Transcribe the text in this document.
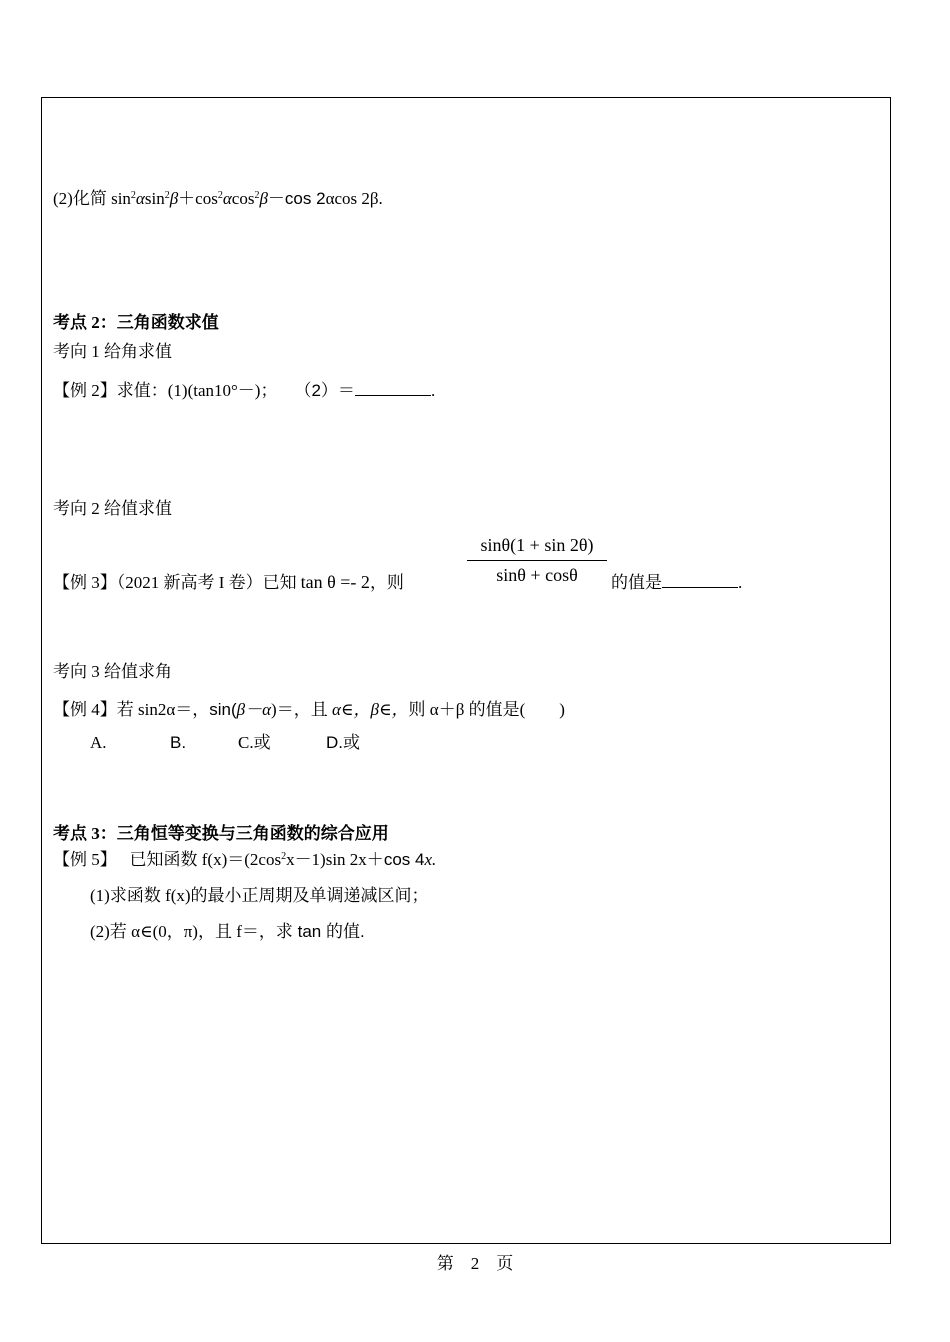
(2)化简 $\sin^2\alpha\sin^2\beta+\cos^2\alpha\cos^2\beta-\cos$ 2αcos 2β.
考点 2：三角函数求值
考向 1 给角求值
【例 2】求值：(1)(tan10°－)；　　 （2）＝	.
考向 2 给值求值
【例 3】（2021 新高考 I 卷）已知 tan θ =- 2，则	$\frac{\sin\theta(1 + \sin 2\theta)}{\sin\theta + \cos\theta}$ 的值是	.
考向 3 给值求角
【例 4】若 sin2α＝，sin(β－α)＝，且 α∈，β∈，则 α＋β 的值是(　　)
A.	B.	C.或	D.或
考点 3：三角恒等变换与三角函数的综合应用
【例 5】　 已知函数 $f(x)=(2\cos^2x-1)\sin$ 2x＋cos 4x.
(1)求函数 f(x)的最小正周期及单调递减区间；
(2)若 α∈(0，π)，且 f＝，求 tan 的值.
第　2　页
